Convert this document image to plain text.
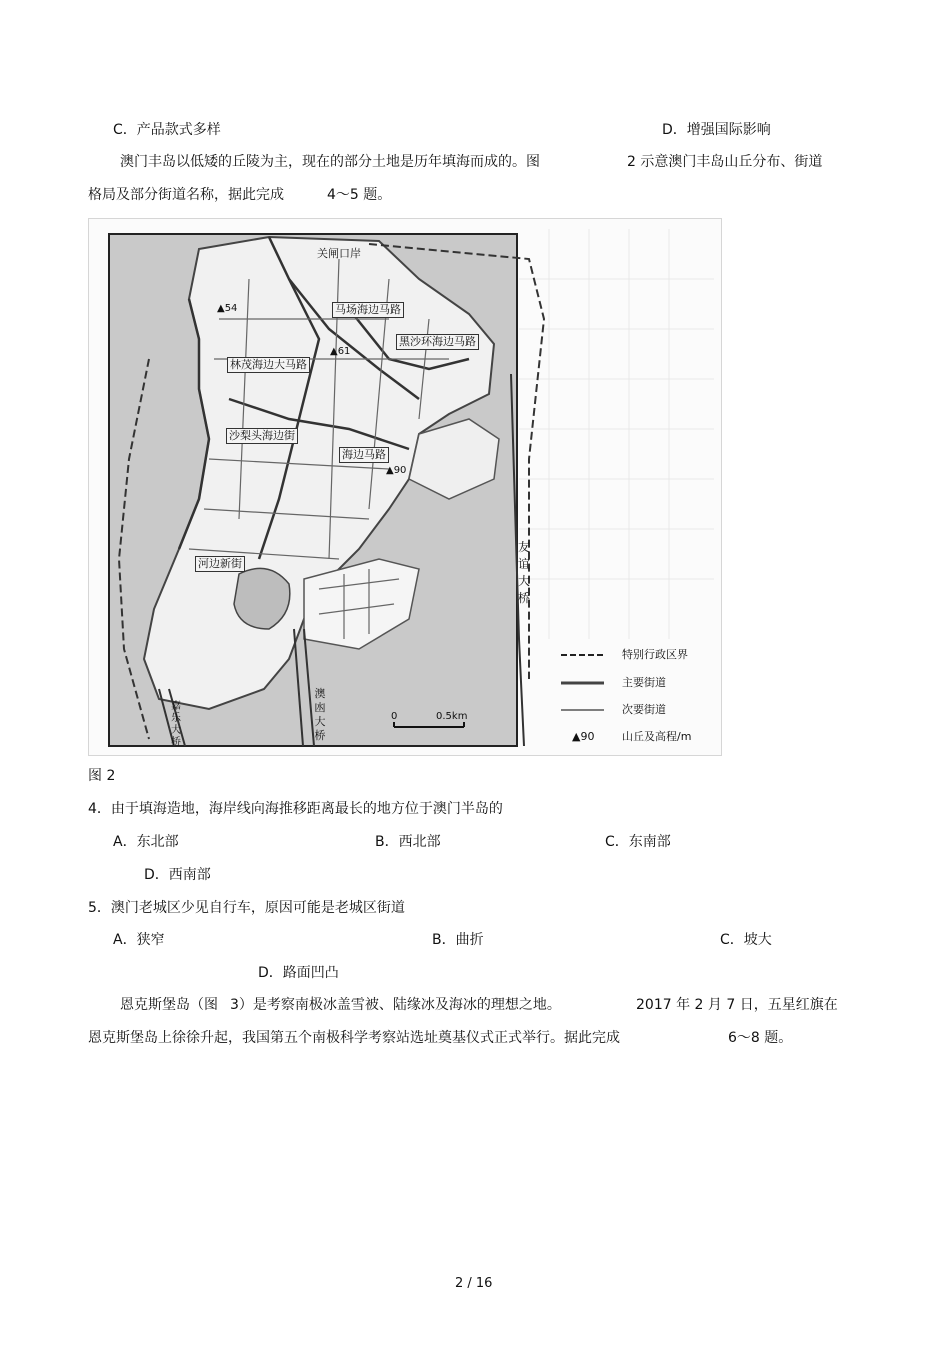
C．产品款式多样	D．增强国际影响
澳门丰岛以低矮的丘陵为主，现在的部分土地是历年填海而成的。图	2 示意澳门丰岛山丘分布、街道
格局及部分街道名称，据此完成	4～5 题。
关闸口岸
马场海边马路
黑沙环海边马路
林茂海边大马路
沙梨头海边街
海边马路
河边新街
▲54
▲61
▲90
友谊大桥
澳凼大桥
嘉乐大桥
0	0.5km
特别行政区界
主要街道
次要街道
▲90	山丘及高程/m
图 2
4．由于填海造地，海岸线向海推移距离最长的地方位于澳门半岛的
A．东北部	B．西北部	C．东南部
D．西南部
5．澳门老城区少见自行车，原因可能是老城区街道
A．狭窄	B．曲折	C．坡大
D．路面凹凸
恩克斯堡岛（图 3）是考察南极冰盖雪被、陆缘冰及海冰的理想之地。	2017 年 2 月 7 日，五星红旗在
恩克斯堡岛上徐徐升起，我国第五个南极科学考察站选址奠基仪式正式举行。据此完成	6～8 题。
2 / 16
